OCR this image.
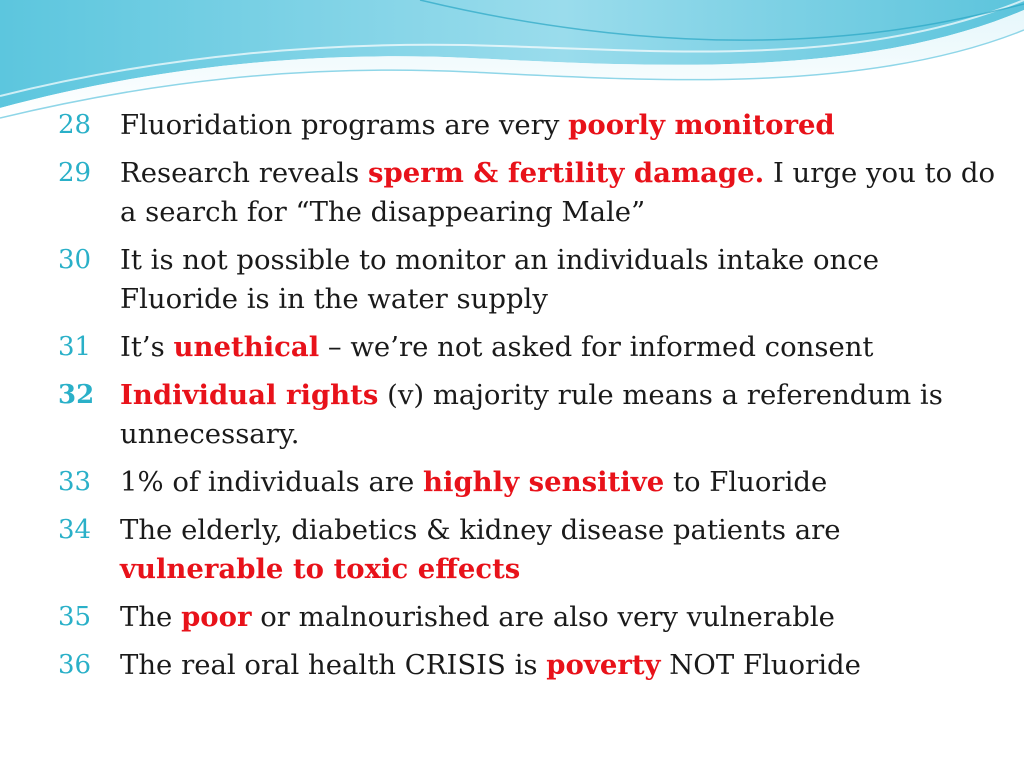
28	Fluoridation programs are very poorly monitored
29	Research reveals sperm & fertility damage. I urge you to do a search for “The disappearing Male”
30	It is not possible to monitor an individuals intake once Fluoride is in the water supply
31	It’s unethical – we’re not asked for informed consent
32 Individual rights (v) majority rule means a referendum is unnecessary.
33	1% of individuals are highly sensitive to Fluoride
34	The elderly, diabetics & kidney disease patients are vulnerable to toxic effects
35	The poor or malnourished are also very vulnerable
36	The real oral health CRISIS is poverty NOT Fluoride
